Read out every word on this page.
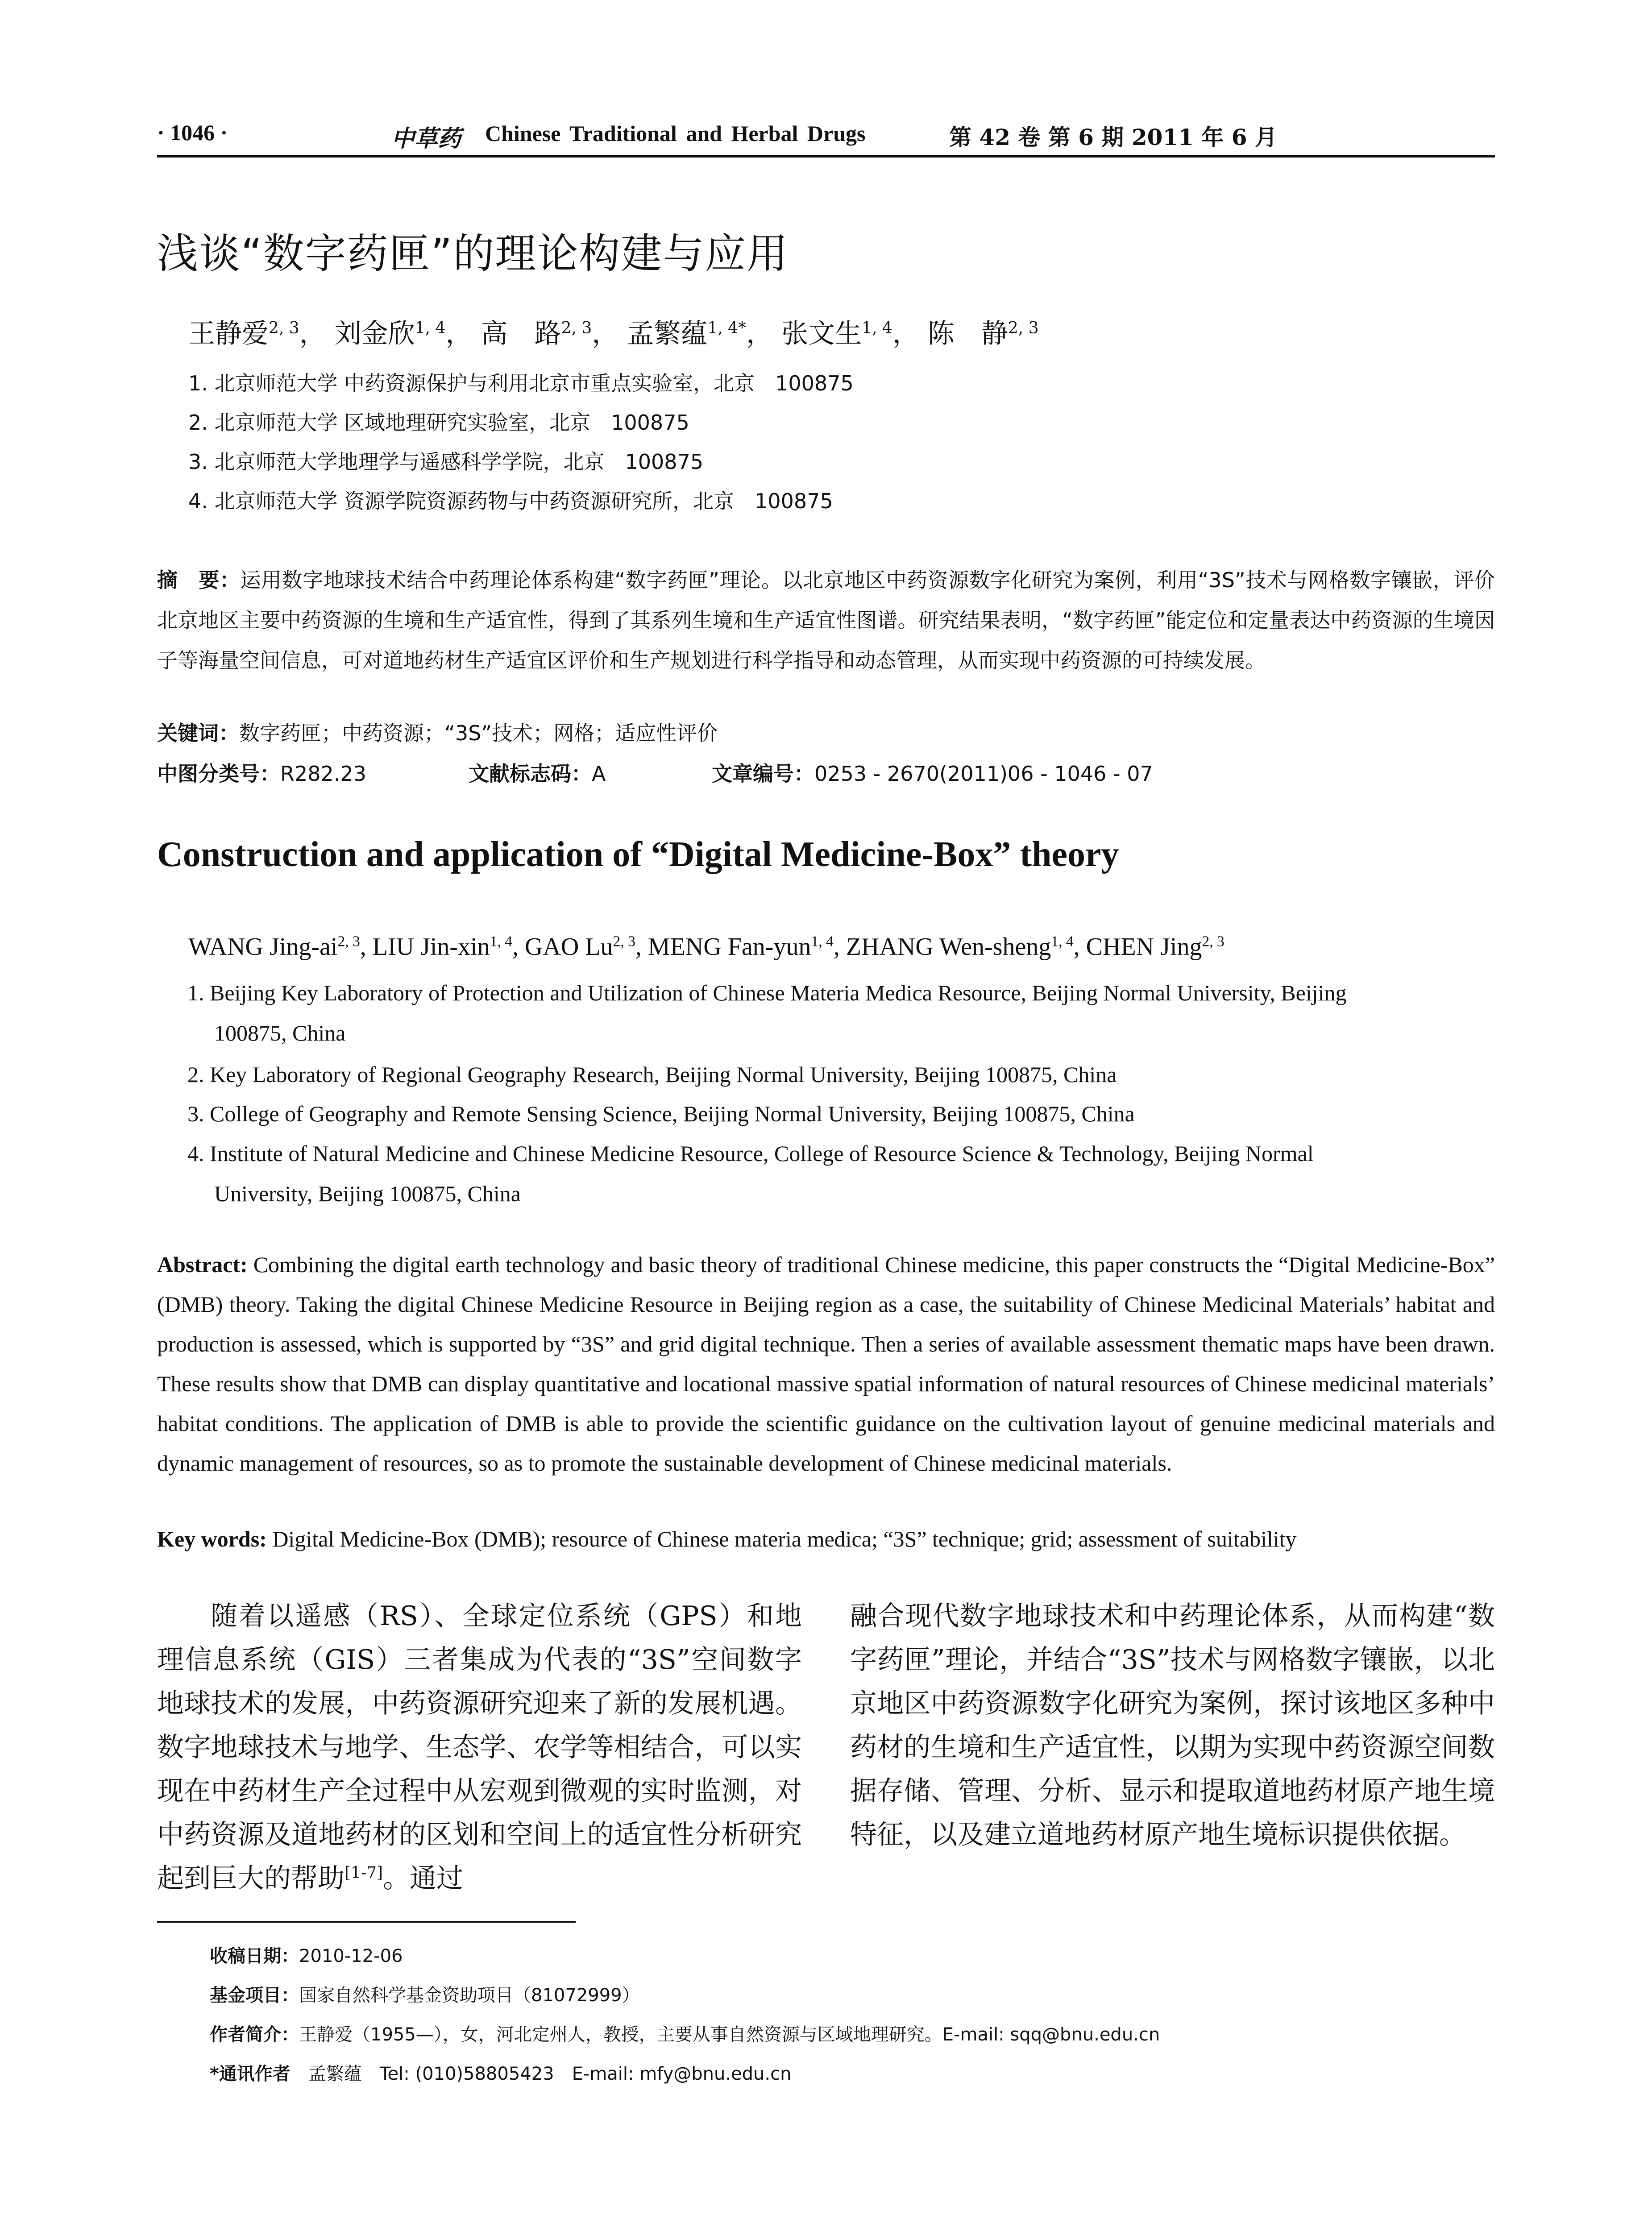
· 1046 ·	中草药 Chinese Traditional and Herbal Drugs	第 42 卷 第 6 期 2011 年 6 月
浅谈“数字药匣”的理论构建与应用
王静爱$^{2, 3}$， 刘金欣$^{1, 4}$， 高　路$^{2, 3}$， 孟繁蕴$^{1, 4*}$， 张文生$^{1, 4}$， 陈　静$^{2, 3}$
1. 北京师范大学 中药资源保护与利用北京市重点实验室，北京　100875
2. 北京师范大学 区域地理研究实验室，北京　100875
3. 北京师范大学地理学与遥感科学学院，北京　100875
4. 北京师范大学 资源学院资源药物与中药资源研究所，北京　100875
摘　要：运用数字地球技术结合中药理论体系构建“数字药匣”理论。以北京地区中药资源数字化研究为案例，利用“3S”技术与网格数字镶嵌，评价北京地区主要中药资源的生境和生产适宜性，得到了其系列生境和生产适宜性图谱。研究结果表明，“数字药匣”能定位和定量表达中药资源的生境因子等海量空间信息，可对道地药材生产适宜区评价和生产规划进行科学指导和动态管理，从而实现中药资源的可持续发展。
关键词：数字药匣；中药资源；“3S”技术；网格；适应性评价
中图分类号：R282.23	文献标志码：A	文章编号：0253 - 2670(2011)06 - 1046 - 07
Construction and application of “Digital Medicine-Box” theory
WANG Jing-ai$^{2, 3}$, LIU Jin-xin$^{1, 4}$, GAO Lu$^{2, 3}$, MENG Fan-yun$^{1, 4}$, ZHANG Wen-sheng$^{1, 4}$, CHEN Jing$^{2, 3}$
1. Beijing Key Laboratory of Protection and Utilization of Chinese Materia Medica Resource, Beijing Normal University, Beijing
100875, China
2. Key Laboratory of Regional Geography Research, Beijing Normal University, Beijing 100875, China
3. College of Geography and Remote Sensing Science, Beijing Normal University, Beijing 100875, China
4. Institute of Natural Medicine and Chinese Medicine Resource, College of Resource Science & Technology, Beijing Normal
University, Beijing 100875, China
Abstract: Combining the digital earth technology and basic theory of traditional Chinese medicine, this paper constructs the “Digital Medicine-Box” (DMB) theory. Taking the digital Chinese Medicine Resource in Beijing region as a case, the suitability of Chinese Medicinal Materials’ habitat and production is assessed, which is supported by “3S” and grid digital technique. Then a series of available assessment thematic maps have been drawn. These results show that DMB can display quantitative and locational massive spatial information of natural resources of Chinese medicinal materials’ habitat conditions. The application of DMB is able to provide the scientific guidance on the cultivation layout of genuine medicinal materials and dynamic management of resources, so as to promote the sustainable development of Chinese medicinal materials.
Key words: Digital Medicine-Box (DMB); resource of Chinese materia medica; “3S” technique; grid; assessment of suitability
随着以遥感（RS）、全球定位系统（GPS）和地理信息系统（GIS）三者集成为代表的“3S”空间数字地球技术的发展，中药资源研究迎来了新的发展机遇。数字地球技术与地学、生态学、农学等相结合，可以实现在中药材生产全过程中从宏观到微观的实时监测，对中药资源及道地药材的区划和空间上的适宜性分析研究起到巨大的帮助[1-7]。通过
融合现代数字地球技术和中药理论体系，从而构建“数字药匣”理论，并结合“3S”技术与网格数字镶嵌，以北京地区中药资源数字化研究为案例，探讨该地区多种中药材的生境和生产适宜性，以期为实现中药资源空间数据存储、管理、分析、显示和提取道地药材原产地生境特征，以及建立道地药材原产地生境标识提供依据。
收稿日期：2010-12-06
基金项目：国家自然科学基金资助项目（81072999）
作者简介：王静爱（1955—），女，河北定州人，教授，主要从事自然资源与区域地理研究。E-mail: sqq@bnu.edu.cn
*通讯作者　孟繁蕴　Tel: (010)58805423　E-mail: mfy@bnu.edu.cn
